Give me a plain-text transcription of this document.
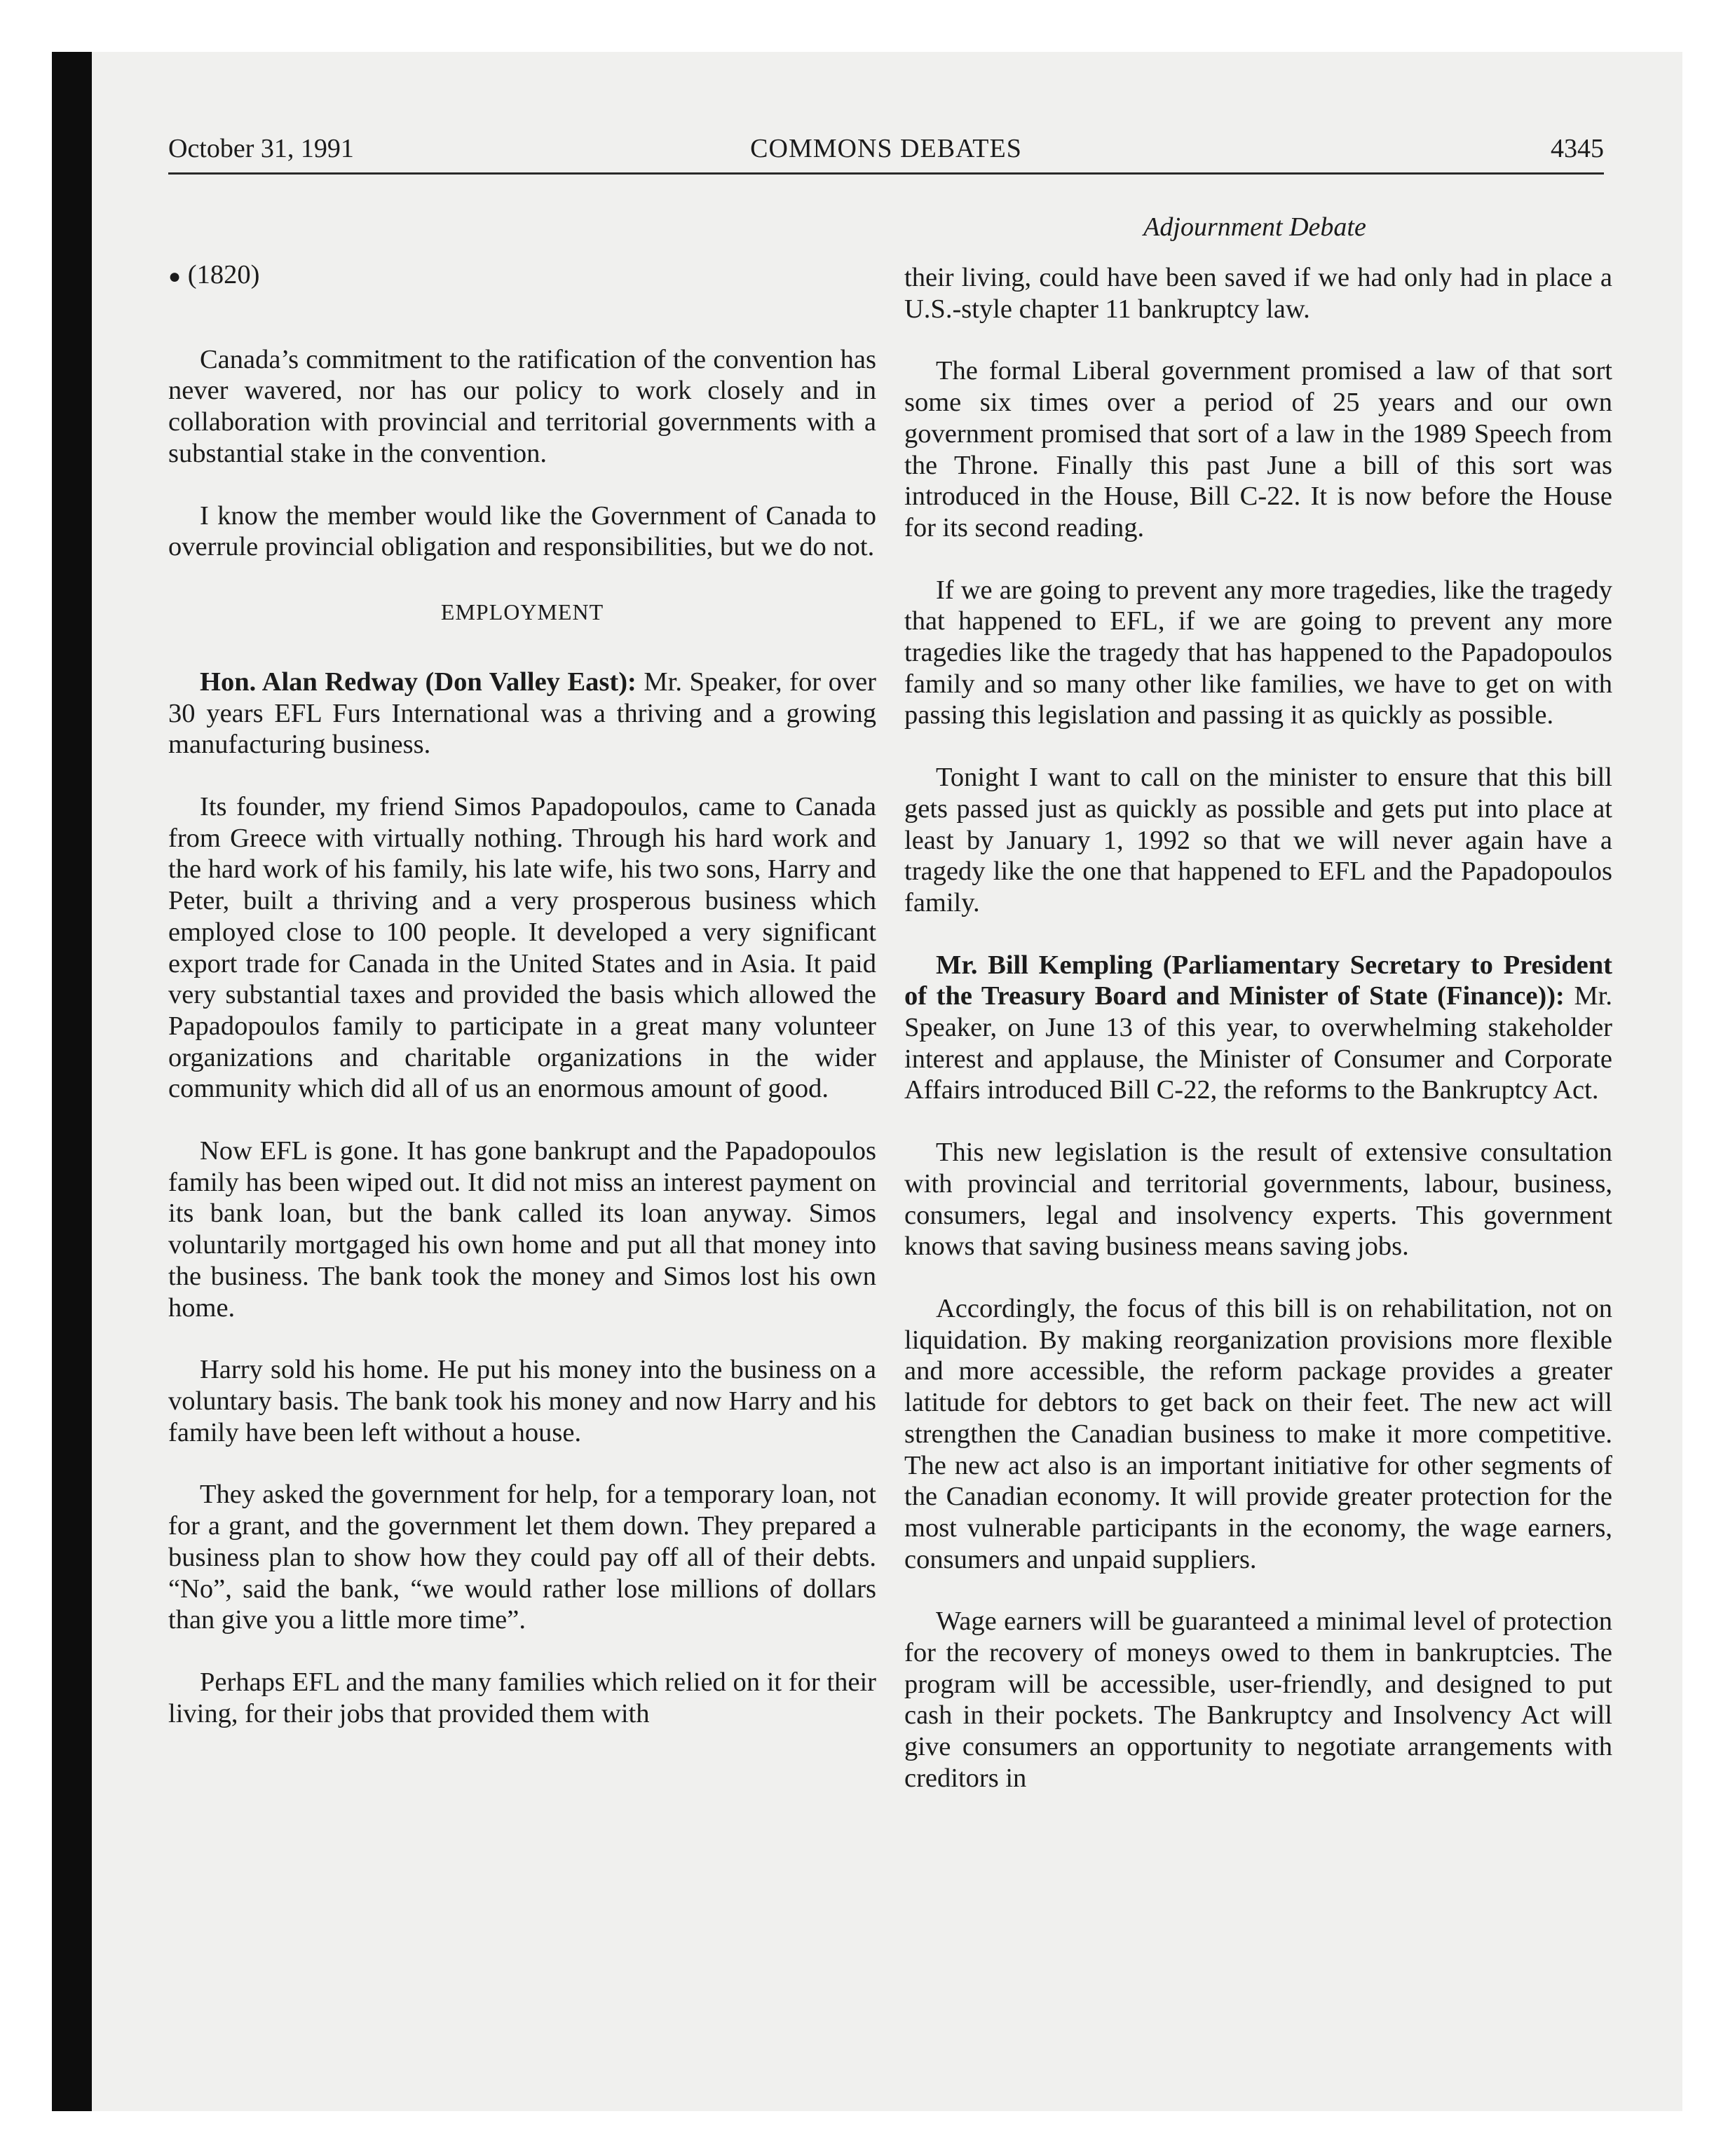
October 31, 1991	COMMONS DEBATES	4345
Adjournment Debate

● (1820)

Canada’s commitment to the ratification of the convention has never wavered, nor has our policy to work closely and in collaboration with provincial and territorial governments with a substantial stake in the convention.

I know the member would like the Government of Canada to overrule provincial obligation and responsibilities, but we do not.

EMPLOYMENT

Hon. Alan Redway (Don Valley East): Mr. Speaker, for over 30 years EFL Furs International was a thriving and a growing manufacturing business.

Its founder, my friend Simos Papadopoulos, came to Canada from Greece with virtually nothing. Through his hard work and the hard work of his family, his late wife, his two sons, Harry and Peter, built a thriving and a very prosperous business which employed close to 100 people. It developed a very significant export trade for Canada in the United States and in Asia. It paid very substantial taxes and provided the basis which allowed the Papadopoulos family to participate in a great many volunteer organizations and charitable organizations in the wider community which did all of us an enormous amount of good.

Now EFL is gone. It has gone bankrupt and the Papadopoulos family has been wiped out. It did not miss an interest payment on its bank loan, but the bank called its loan anyway. Simos voluntarily mortgaged his own home and put all that money into the business. The bank took the money and Simos lost his own home.

Harry sold his home. He put his money into the business on a voluntary basis. The bank took his money and now Harry and his family have been left without a house.

They asked the government for help, for a temporary loan, not for a grant, and the government let them down. They prepared a business plan to show how they could pay off all of their debts. “No”, said the bank, “we would rather lose millions of dollars than give you a little more time”.

Perhaps EFL and the many families which relied on it for their living, for their jobs that provided them with

their living, could have been saved if we had only had in place a U.S.-style chapter 11 bankruptcy law.

The formal Liberal government promised a law of that sort some six times over a period of 25 years and our own government promised that sort of a law in the 1989 Speech from the Throne. Finally this past June a bill of this sort was introduced in the House, Bill C-22. It is now before the House for its second reading.

If we are going to prevent any more tragedies, like the tragedy that happened to EFL, if we are going to prevent any more tragedies like the tragedy that has happened to the Papadopoulos family and so many other like families, we have to get on with passing this legislation and passing it as quickly as possible.

Tonight I want to call on the minister to ensure that this bill gets passed just as quickly as possible and gets put into place at least by January 1, 1992 so that we will never again have a tragedy like the one that happened to EFL and the Papadopoulos family.

Mr. Bill Kempling (Parliamentary Secretary to President of the Treasury Board and Minister of State (Finance)): Mr. Speaker, on June 13 of this year, to overwhelming stakeholder interest and applause, the Minister of Consumer and Corporate Affairs introduced Bill C-22, the reforms to the Bankruptcy Act.

This new legislation is the result of extensive consultation with provincial and territorial governments, labour, business, consumers, legal and insolvency experts. This government knows that saving business means saving jobs.

Accordingly, the focus of this bill is on rehabilitation, not on liquidation. By making reorganization provisions more flexible and more accessible, the reform package provides a greater latitude for debtors to get back on their feet. The new act will strengthen the Canadian business to make it more competitive. The new act also is an important initiative for other segments of the Canadian economy. It will provide greater protection for the most vulnerable participants in the economy, the wage earners, consumers and unpaid suppliers.

Wage earners will be guaranteed a minimal level of protection for the recovery of moneys owed to them in bankruptcies. The program will be accessible, user-friendly, and designed to put cash in their pockets. The Bankruptcy and Insolvency Act will give consumers an opportunity to negotiate arrangements with creditors in
